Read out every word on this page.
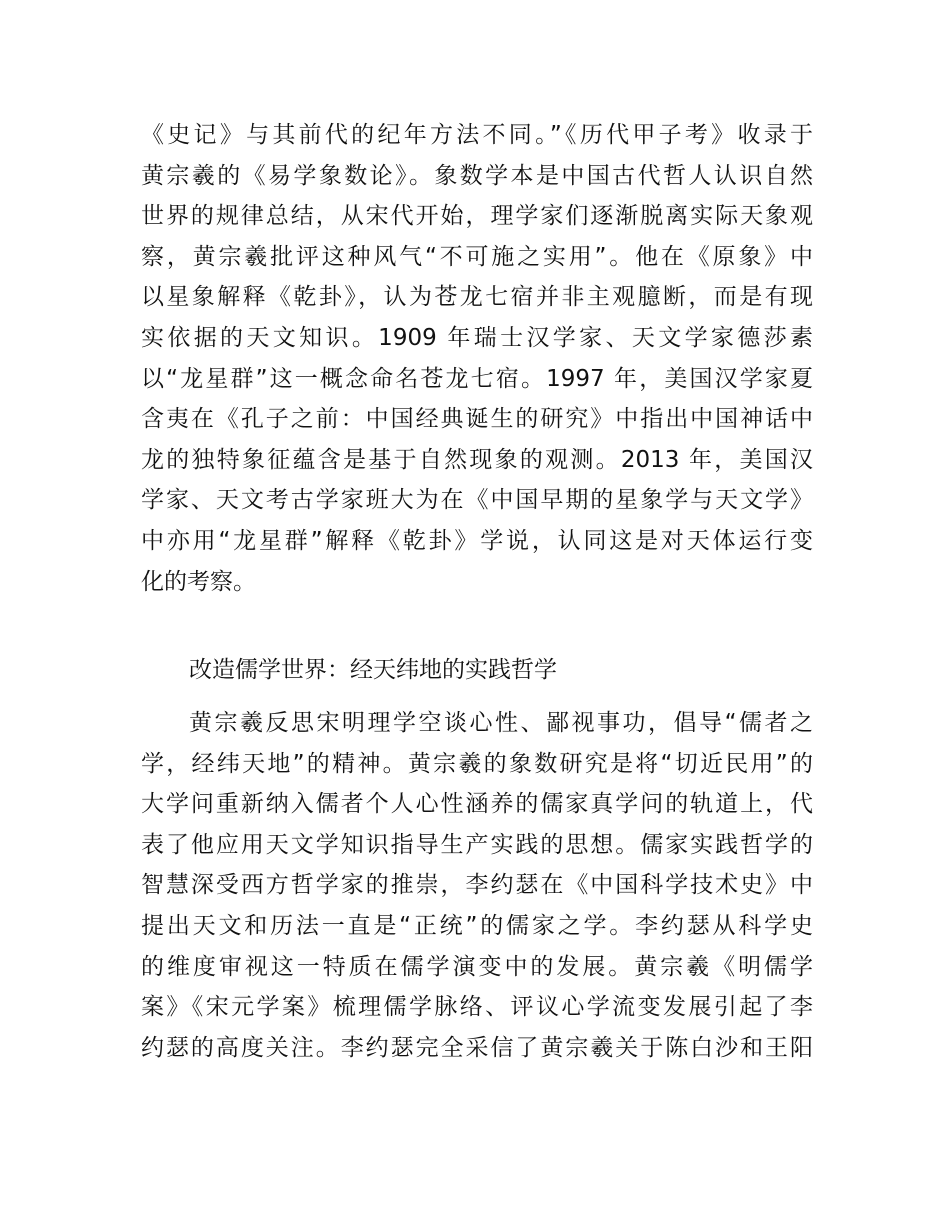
《史记》与其前代的纪年方法不同。”《历代甲子考》收录于
黄宗羲的《易学象数论》。象数学本是中国古代哲人认识自然
世界的规律总结，从宋代开始，理学家们逐渐脱离实际天象观
察，黄宗羲批评这种风气“不可施之实用”。他在《原象》中
以星象解释《乾卦》，认为苍龙七宿并非主观臆断，而是有现
实依据的天文知识。1909 年瑞士汉学家、天文学家德莎素
以“龙星群”这一概念命名苍龙七宿。1997 年，美国汉学家夏
含夷在《孔子之前：中国经典诞生的研究》中指出中国神话中
龙的独特象征蕴含是基于自然现象的观测。2013 年，美国汉
学家、天文考古学家班大为在《中国早期的星象学与天文学》
中亦用“龙星群”解释《乾卦》学说，认同这是对天体运行变
化的考察。
改造儒学世界：经天纬地的实践哲学
黄宗羲反思宋明理学空谈心性、鄙视事功，倡导“儒者之
学，经纬天地”的精神。黄宗羲的象数研究是将“切近民用”的
大学问重新纳入儒者个人心性涵养的儒家真学问的轨道上，代
表了他应用天文学知识指导生产实践的思想。儒家实践哲学的
智慧深受西方哲学家的推崇，李约瑟在《中国科学技术史》中
提出天文和历法一直是“正统”的儒家之学。李约瑟从科学史
的维度审视这一特质在儒学演变中的发展。黄宗羲《明儒学
案》《宋元学案》梳理儒学脉络、评议心学流变发展引起了李
约瑟的高度关注。李约瑟完全采信了黄宗羲关于陈白沙和王阳
